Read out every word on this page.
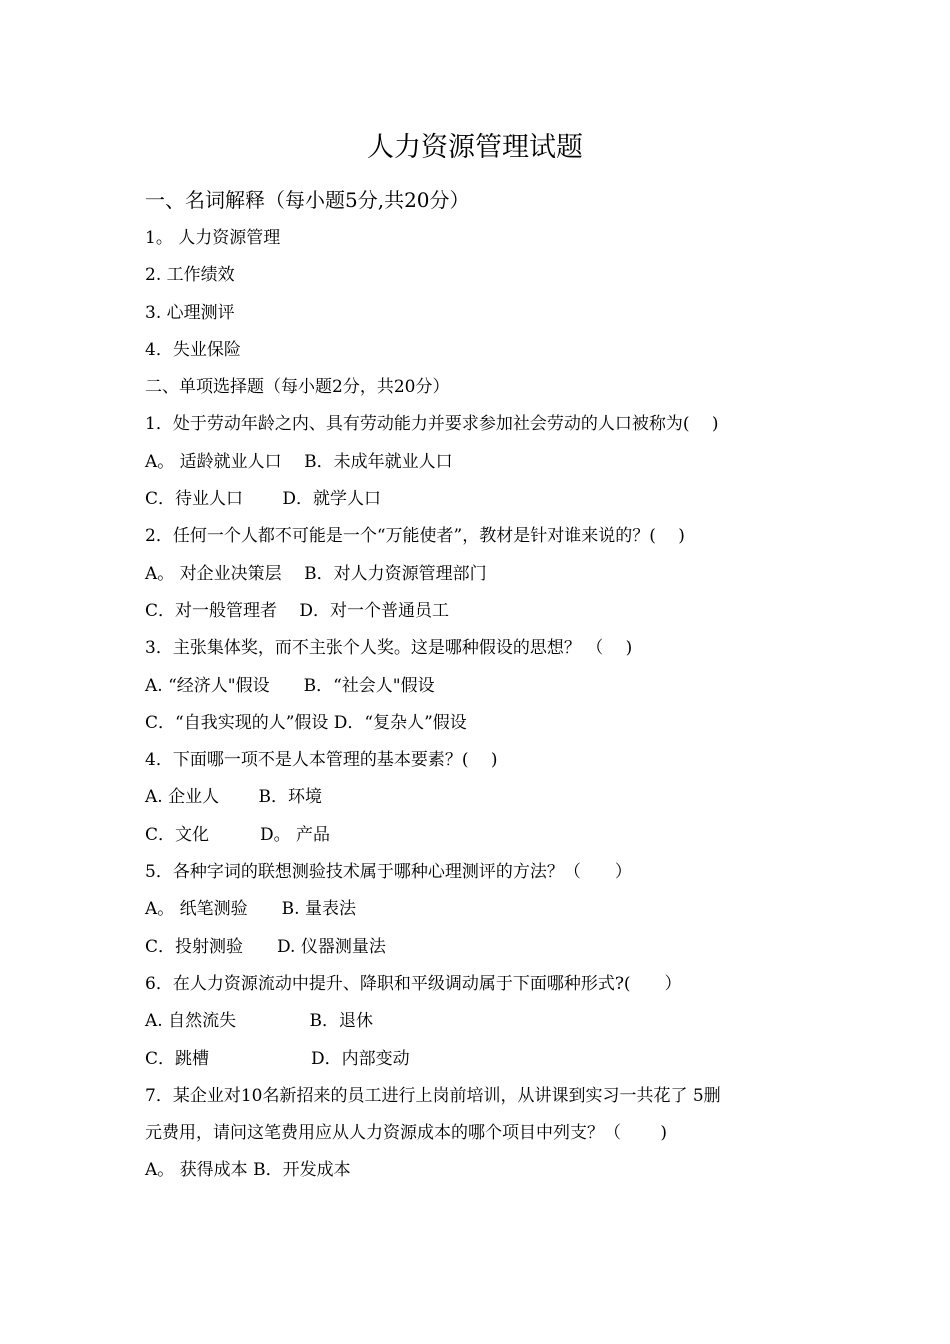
人力资源管理试题
一、名词解释（每小题5分,共20分）
1。 人力资源管理
2. 工作绩效
3. 心理测评
4．失业保险
二、单项选择题（每小题2分，共20分）
1．处于劳动年龄之内、具有劳动能力并要求参加社会劳动的人口被称为(　 )
A。 适龄就业人口　 B．未成年就业人口
C．待业人口　　 D．就学人口
2．任何一个人都不可能是一个“万能使者”，教材是针对谁来说的？(　 )
A。 对企业决策层　 B．对人力资源管理部门
C．对一般管理者　 D．对一个普通员工
3．主张集体奖，而不主张个人奖。这是哪种假设的思想？ （　 )
A. “经济人"假设　　B．“社会人"假设
C．“自我实现的人”假设 D．“复杂人”假设
4．下面哪一项不是人本管理的基本要素？(　 )
A. 企业人　　 B．环境
C．文化　　　D。 产品
5．各种字词的联想测验技术属于哪种心理测评的方法？（　　）
A。 纸笔测验　　B. 量表法
C．投射测验　　D. 仪器测量法
6．在人力资源流动中提升、降职和平级调动属于下面哪种形式?(　　）
A. 自然流失　　　　 B．退休
C．跳槽　　　　　　D．内部变动
7．某企业对10名新招来的员工进行上岗前培训，从讲课到实习一共花了 5删
元费用，请问这笔费用应从人力资源成本的哪个项目中列支？（　　 )
A。 获得成本 B．开发成本
